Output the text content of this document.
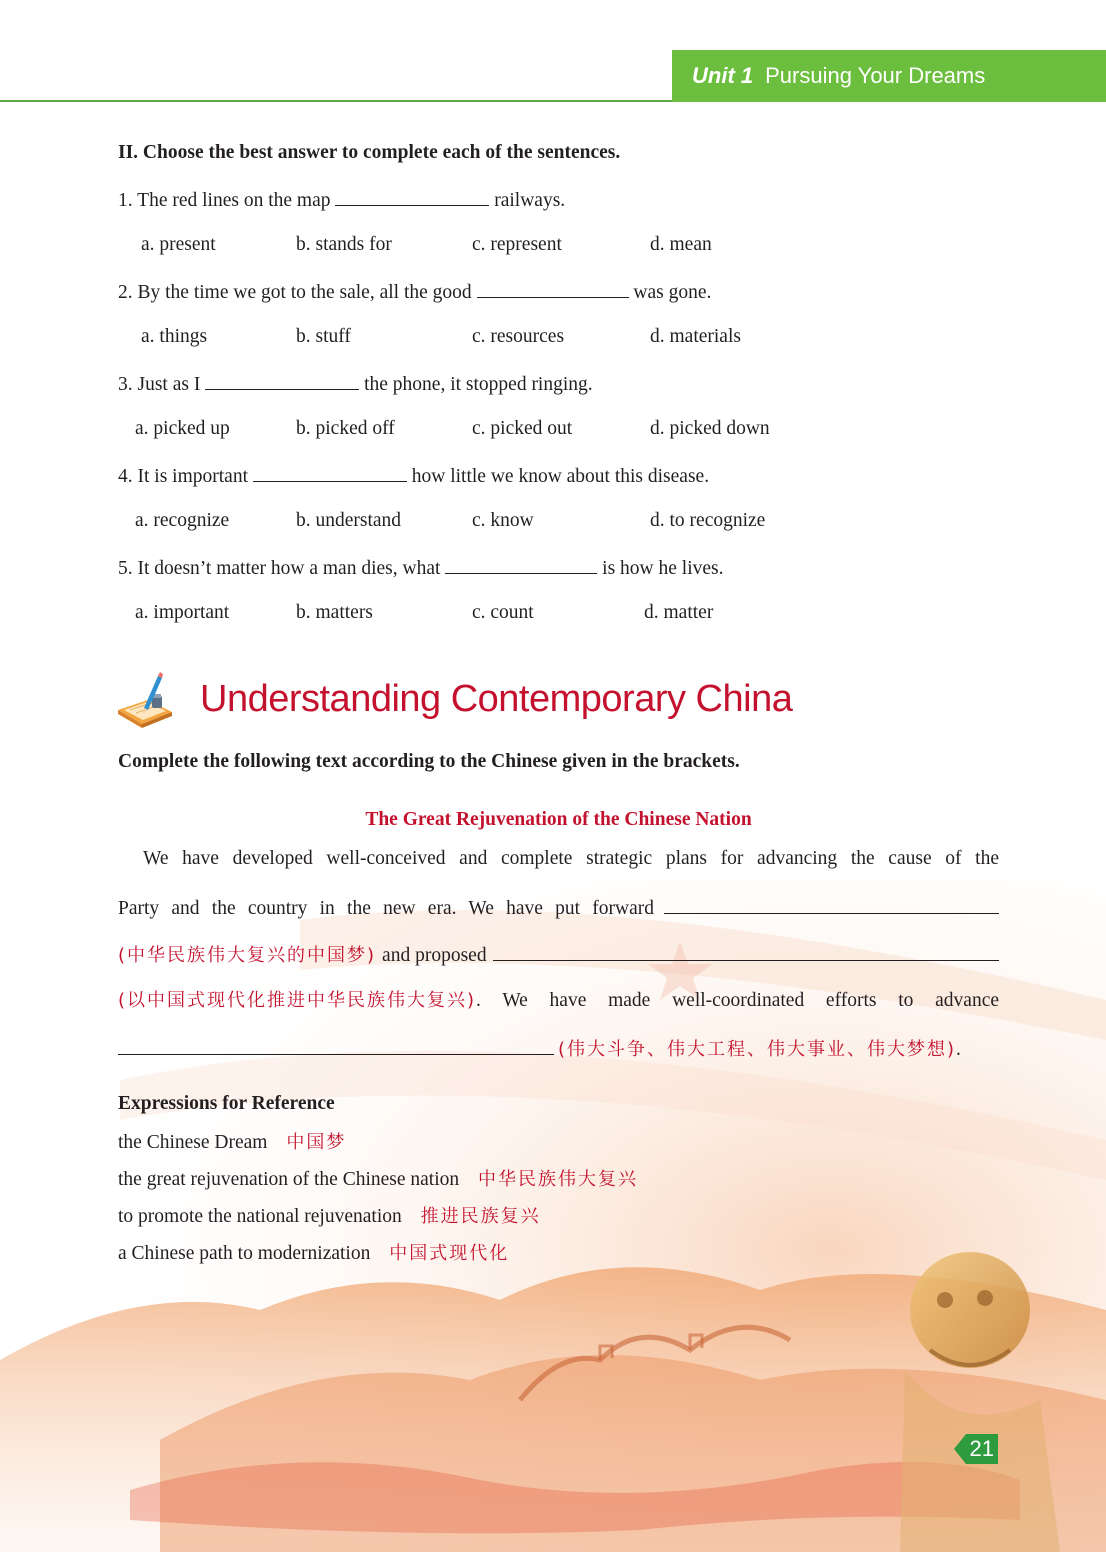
Unit 1 Pursuing Your Dreams
II. Choose the best answer to complete each of the sentences.
1. The red lines on the map	railways.
a. present	b. stands for	c. represent	d. mean
2. By the time we got to the sale, all the good	was gone.
a. things	b. stuff	c. resources	d. materials
3. Just as I	the phone, it stopped ringing.
a. picked up	b. picked off	c. picked out	d. picked down
4. It is important	how little we know about this disease.
a. recognize	b. understand	c. know	d. to recognize
5. It doesn’t matter how a man dies, what	is how he lives.
a. important	b. matters	c. count	d. matter
Understanding Contemporary China
Complete the following text according to the Chinese given in the brackets.
The Great Rejuvenation of the Chinese Nation
We have developed well-conceived and complete strategic plans for advancing the cause of the
Party and the country in the new era. We have put forward
(中华民族伟大复兴的中国梦) and proposed
(以中国式现代化推进中华民族伟大复兴) . We have made well-coordinated efforts to advance
(伟大斗争、伟大工程、伟大事业、伟大梦想) .
Expressions for Reference
the Chinese Dream 中国梦
the great rejuvenation of the Chinese nation 中华民族伟大复兴
to promote the national rejuvenation 推进民族复兴
a Chinese path to modernization 中国式现代化
21
